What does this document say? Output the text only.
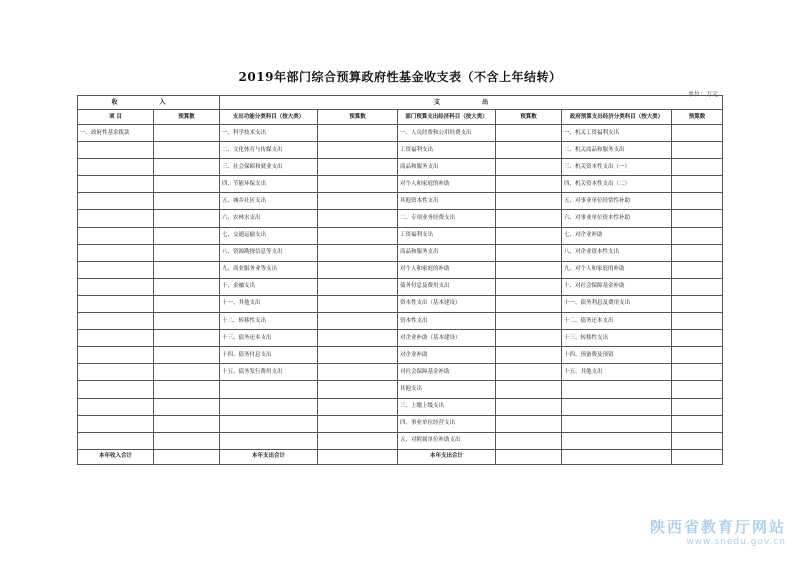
2019年部门综合预算政府性基金收支表（不含上年结转）
单位：万元
收 入		支 出					
项 目	预算数	支出功能分类科目（按大类）	预算数	部门预算支出经济科目（按大类）	预算数	政府预算支出经济分类科目（按大类）	预算数
一、政府性基金拨款		一、科学技术支出		一、人员经费和公用经费支出		一、机关工资福利支出	
		二、文化体育与传媒支出		工资福利支出		二、机关商品和服务支出	
		三、社会保障和就业支出		商品和服务支出		三、机关资本性支出（一）	
		四、节能环保支出		对个人和家庭的补助		四、机关资本性支出（二）	
		五、城乡社区支出		其他资本性支出		五、对事业单位经常性补助	
		六、农林水支出		二、专项业务经费支出		六、对事业单位资本性补助	
		七、交通运输支出		工资福利支出		七、对企业补助	
		八、资源勘探信息等支出		商品和服务支出		八、对企业资本性支出	
		九、商业服务业等支出		对个人和家庭的补助		九、对个人和家庭的补助	
		十、金融支出		债务付息及费用支出		十、对社会保障基金补助	
		十一、其他支出		资本性支出（基本建设）		十一、债务利息及费用支出	
		十二、转移性支出		资本性支出		十二、债务还本支出	
		十三、债务还本支出		对企业补助（基本建设）		十三、转移性支出	
		十四、债务付息支出		对企业补助		十四、预备费及预留	
		十五、债务发行费用支出		对社会保障基金补助		十五、其他支出	
				其他支出			
				三、上缴上级支出			
				四、事业单位经营支出			
				五、对附属单位补助支出			
本年收入合计		本年支出合计		本年支出合计			
陕西省教育厅网站
www.snedu.gov.cn
